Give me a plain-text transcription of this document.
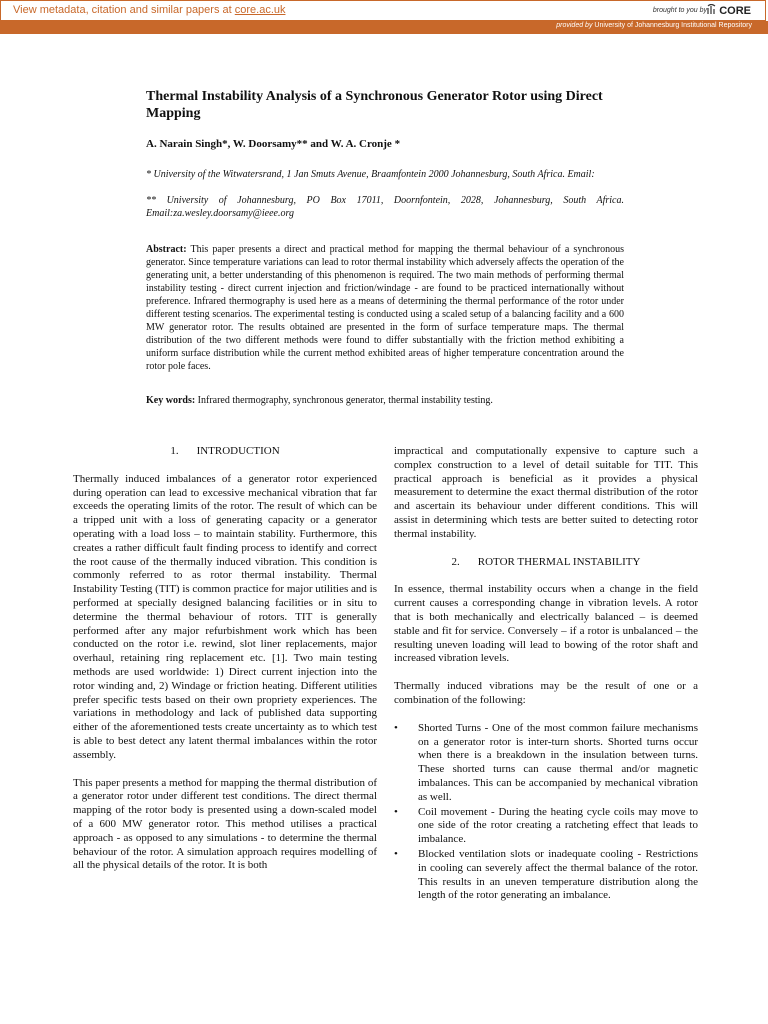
View metadata, citation and similar papers at core.ac.uk	brought to you by	CORE
provided by University of Johannesburg Institutional Repository
Thermal Instability Analysis of a Synchronous Generator Rotor using Direct Mapping

A. Narain Singh*, W. Doorsamy** and W. A. Cronje *

* University of the Witwatersrand, 1 Jan Smuts Avenue, Braamfontein 2000 Johannesburg, South Africa. Email:

** University of Johannesburg, PO Box 17011, Doornfontein, 2028, Johannesburg, South Africa. Email:za.wesley.doorsamy@ieee.org

Abstract: This paper presents a direct and practical method for mapping the thermal behaviour of a synchronous generator. Since temperature variations can lead to rotor thermal instability which adversely affects the operation of the generating unit, a better understanding of this phenomenon is required. The two main methods of performing thermal instability testing - direct current injection and friction/windage - are found to be practiced internationally without preference. Infrared thermography is used here as a means of determining the thermal performance of the rotor under different testing scenarios. The experimental testing is conducted using a scaled setup of a balancing facility and a 600 MW generator rotor. The results obtained are presented in the form of surface temperature maps. The thermal distribution of the two different methods were found to differ substantially with the friction method exhibiting a uniform surface distribution while the current method exhibited areas of higher temperature concentration around the rotor pole faces.

Key words: Infrared thermography, synchronous generator, thermal instability testing.

1. INTRODUCTION

Thermally induced imbalances of a generator rotor experienced during operation can lead to excessive mechanical vibration that far exceeds the operating limits of the rotor. The result of which can be a tripped unit with a loss of generating capacity or a generator operating with a load loss – to maintain stability. Furthermore, this creates a rather difficult fault finding process to identify and correct the root cause of the thermally induced vibration. This condition is commonly referred to as rotor thermal instability. Thermal Instability Testing (TIT) is common practice for major utilities and is performed at specially designed balancing facilities or in situ to determine the thermal behaviour of rotors. TIT is generally performed after any major refurbishment work which has been conducted on the rotor i.e. rewind, slot liner replacements, major overhaul, retaining ring replacement etc. [1]. Two main testing methods are used worldwide: 1) Direct current injection into the rotor winding and, 2) Windage or friction heating. Different utilities prefer specific tests based on their own propriety experiences. The variations in methodology and lack of published data supporting either of the aforementioned tests create uncertainty as to which test is able to best detect any latent thermal imbalances within the rotor assembly.

This paper presents a method for mapping the thermal distribution of a generator rotor under different test conditions. The direct thermal mapping of the rotor body is presented using a down-scaled model of a 600 MW generator rotor. This method utilises a practical approach - as opposed to any simulations - to determine the thermal behaviour of the rotor. A simulation approach requires modelling of all the physical details of the rotor. It is both

impractical and computationally expensive to capture such a complex construction to a level of detail suitable for TIT. This practical approach is beneficial as it provides a physical measurement to determine the exact thermal distribution of the rotor and ascertain its behaviour under different conditions. This will assist in determining which tests are better suited to detecting rotor thermal instability.

2. ROTOR THERMAL INSTABILITY

In essence, thermal instability occurs when a change in the field current causes a corresponding change in vibration levels. A rotor that is both mechanically and electrically balanced – is deemed stable and fit for service. Conversely – if a rotor is unbalanced – the resulting uneven loading will lead to bowing of the rotor shaft and increased vibration levels.

Thermally induced vibrations may be the result of one or a combination of the following:

• Shorted Turns - One of the most common failure mechanisms on a generator rotor is inter-turn shorts. Shorted turns occur when there is a breakdown in the insulation between turns. These shorted turns can cause thermal and/or magnetic imbalances. This can be accompanied by mechanical vibration as well.
• Coil movement - During the heating cycle coils may move to one side of the rotor creating a ratcheting effect that leads to imbalance.
• Blocked ventilation slots or inadequate cooling - Restrictions in cooling can severely affect the thermal balance of the rotor. This results in an uneven temperature distribution along the length of the rotor generating an imbalance.
